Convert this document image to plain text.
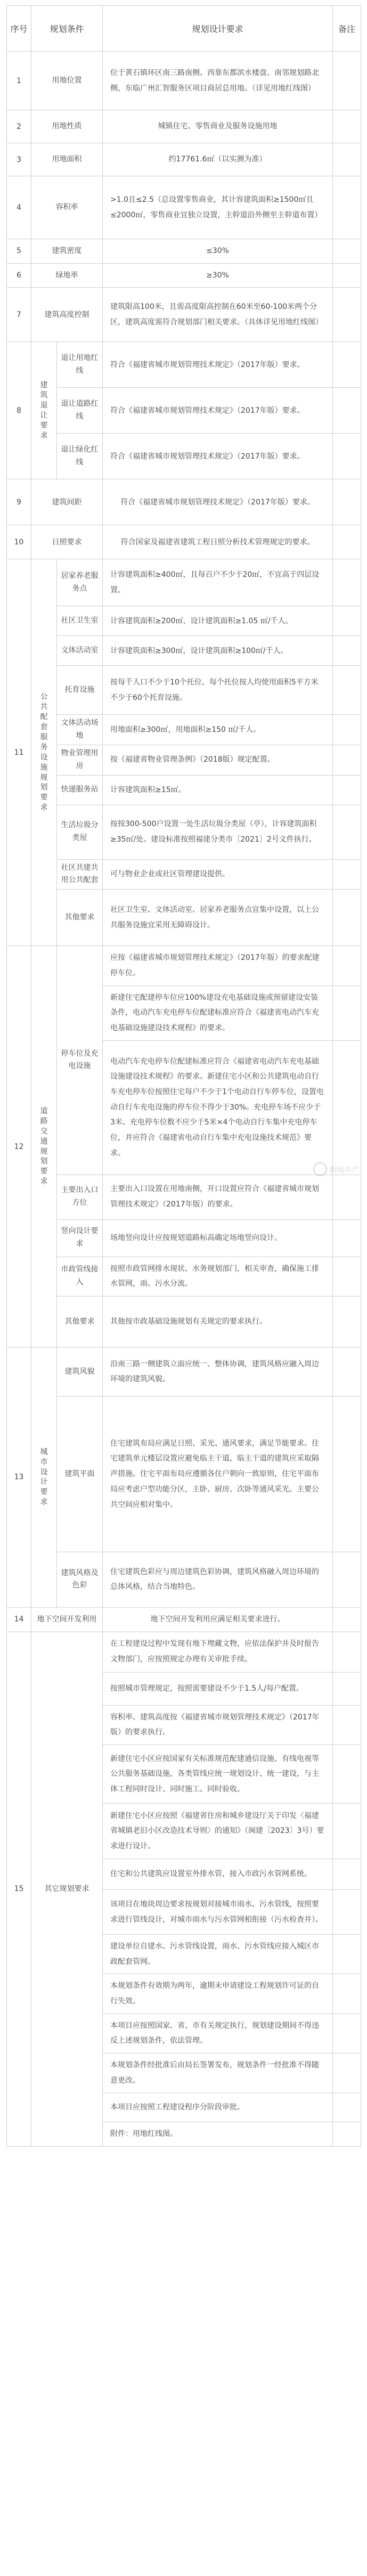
序号	规划条件		规划设计要求	备注
1	用地位置		位于黄石镇环区南三路南侧、西靠东都滨水楼盘、南邻规划路北侧、东临广州汇智服务区项目商居总用地。（详见用地红线图）	
2	用地性质		城镇住宅、零售商业及服务设施用地	
3	用地面积		约17761.6㎡（以实测为准）	
4	容积率		>1.0且≤2.5（总设置零售商业，其计容建筑面积≥1500㎡且≤2000㎡，零售商业宜独立设置，主幹道沿外侧至主幹道布置）	
5	建筑密度		≤30%	
6	绿地率		≥30%	
7	建筑高度控制		建筑限高100米，且需高度限高控制在60米至60-100米两个分区，建筑高度需符合规划部门相关要求。（具体详见用地红线图）	
8	建筑退让要求	退让用地红线	符合《福建省城市规划管理技术规定》（2017年版）要求。	
		退让道路红线	符合《福建省城市规划管理技术规定》（2017年版）要求。	
		退让绿化红线	符合《福建省城市规划管理技术规定》（2017年版）要求。	
9	建筑间距		符合《福建省城市规划管理技术规定》（2017年版）要求。	
10	日照要求		符合国家及福建省建筑工程日照分析技术管理规定的要求。	
11	公共配套服务设施规划要求	居家养老服务点	计容建筑面积≥400㎡，且每百户不少于20㎡，不宜高于四层设置。	
		社区卫生室	计容建筑面积≥200㎡，设计建筑面积≥1.05 ㎡/千人。	
		文体活动室	计容建筑面积≥300㎡，设计建筑面积≥100㎡/千人。	
		托育设施	按每千人口不少于10个托位、每个托位按人均使用面积5平方米不少于60个托育设施。	
		文体活动场地	用地面积≥300㎡，用地面积≥150 ㎡/千人。	
		物业管理用房	按《福建省物业管理条例》（2018版）规定配置。	
		快递服务站	计容建筑面积≥15㎡。	
		生活垃圾分类屋	按按300-500户设置一处生活垃圾分类屋（亭），计容建筑面积≥35㎡/处。建设标准按照福建分类市〔2021〕2号文件执行。	
		社区共建共用公共配套	可与物业企业或社区管理建设提供。	
		其他要求	社区卫生室、文体活动室、居家养老服务点宜集中设置，以上公共服务设施宜采用无障碍设计。	
12	道路交通规划要求	停车位及充电设施	应按《福建省城市规划管理技术规定》（2017年版）的要求配建停车位。	
			新建住宅配建停车位应100%建设充电基础设施或预留建设安装条件，电动汽车充电停车位配建标准应符合《福建省电动汽车充电基础设施建设技术规程》的要求。	
			电动汽车充电停车位配建标准应符合《福建省电动汽车充电基础设施建设技术规程》的要求。新建住宅小区和公共建筑电动自行车充电停车位按照住宅每户不少于1个电动自行车停车位，设置电动自行车充电设施的停车位不得少于30%。充电停车场不应少于3米、充电停车位数不应少于5米×4个电动自行车集中充电停车位，并应符合《福建省电动自行车集中充电设施技术规范》要求。	
		主要出入口方位	主要出入口设置在用地南侧，开口设置应符合《福建省城市规划管理技术规定》（2017年版）的要求。	
		竖向设计要求	场地竖向设计应按规划道路标高确定场地竖向设计。	
		市政管线接入	按照市政管网排水现状、水务规划部门，相关审查，确保施工排水管网，雨、污水分流。	
		其他要求	其他按市政基础设施规划有关规定的要求执行。	
13	城市设计要求	建筑风貌	沿南三路一侧建筑立面应统一、整体协调，建筑风格应融入周边环境的建筑风貌。	
		建筑平面	住宅建筑布局应满足日照、采光、通风要求，满足节能要求。住宅建筑单元楼层设置应避免临主干道，临主干道的建筑应采取隔声措施。住宅平面布局应遵循各住户朝向一致原则，住宅平面布局应考虑户型功能分区，主卧、厨房、次卧等通风采光。主要公共空间应相对集中。	
		建筑风格及色彩	住宅建筑色彩应与周边建筑色彩协调，建筑风格融入周边环境的总体风格，结合当地特色。	
14	地下空间开发利用		地下空间开发利用应满足相关要求进行。	
15	其它规划要求		在工程建设过程中发现有地下埋藏文物，应依法保护并及时报告文物部门，应按照规定办理有关审批手续。	
			按照城市管理规定，按照需要建设不少于1.5人/每户配置。	
			容积率、建筑高度按《福建省城市规划管理技术规定》（2017年版）的要求执行。	
			新建住宅小区应按国家有关标准规范配建通信设施、有线电视等公共服务基础设施，各类管线应统一规划设计、统一建设，与主体工程同时设计、同时施工、同时验收。	
			新建住宅小区应按照《福建省住房和城乡建设厅关于印发〈福建省城镇老旧小区改造技术导则〉的通知》（闽建〔2023〕3号）要求进行设计。	
			住宅和公共建筑应设置室外排水管，接入市政污水管网系统。	
			该项目在地块周边要求按规划对接城市雨水、污水管线，按照要求进行管线设计，对城市雨水与污水管网相衔接（污水检查井）。	
			建设单位自建水、污水管线设置，雨水、污水管线应接入城区市政配套管网。	
			本规划条件有效期为两年，逾期未申请建设工程规划许可证的自行失效。	
			本项目应按照国家、省、市有关规定执行，规划建设期间不得违反上述规划条件，依法管理。	
			本规划条件经批准后由局长签署发布，规划条件一经批准不得随意更改。	
			本项目应按照工程建设程序分阶段审批。	
			附件：用地红线图。	
新闻办产
